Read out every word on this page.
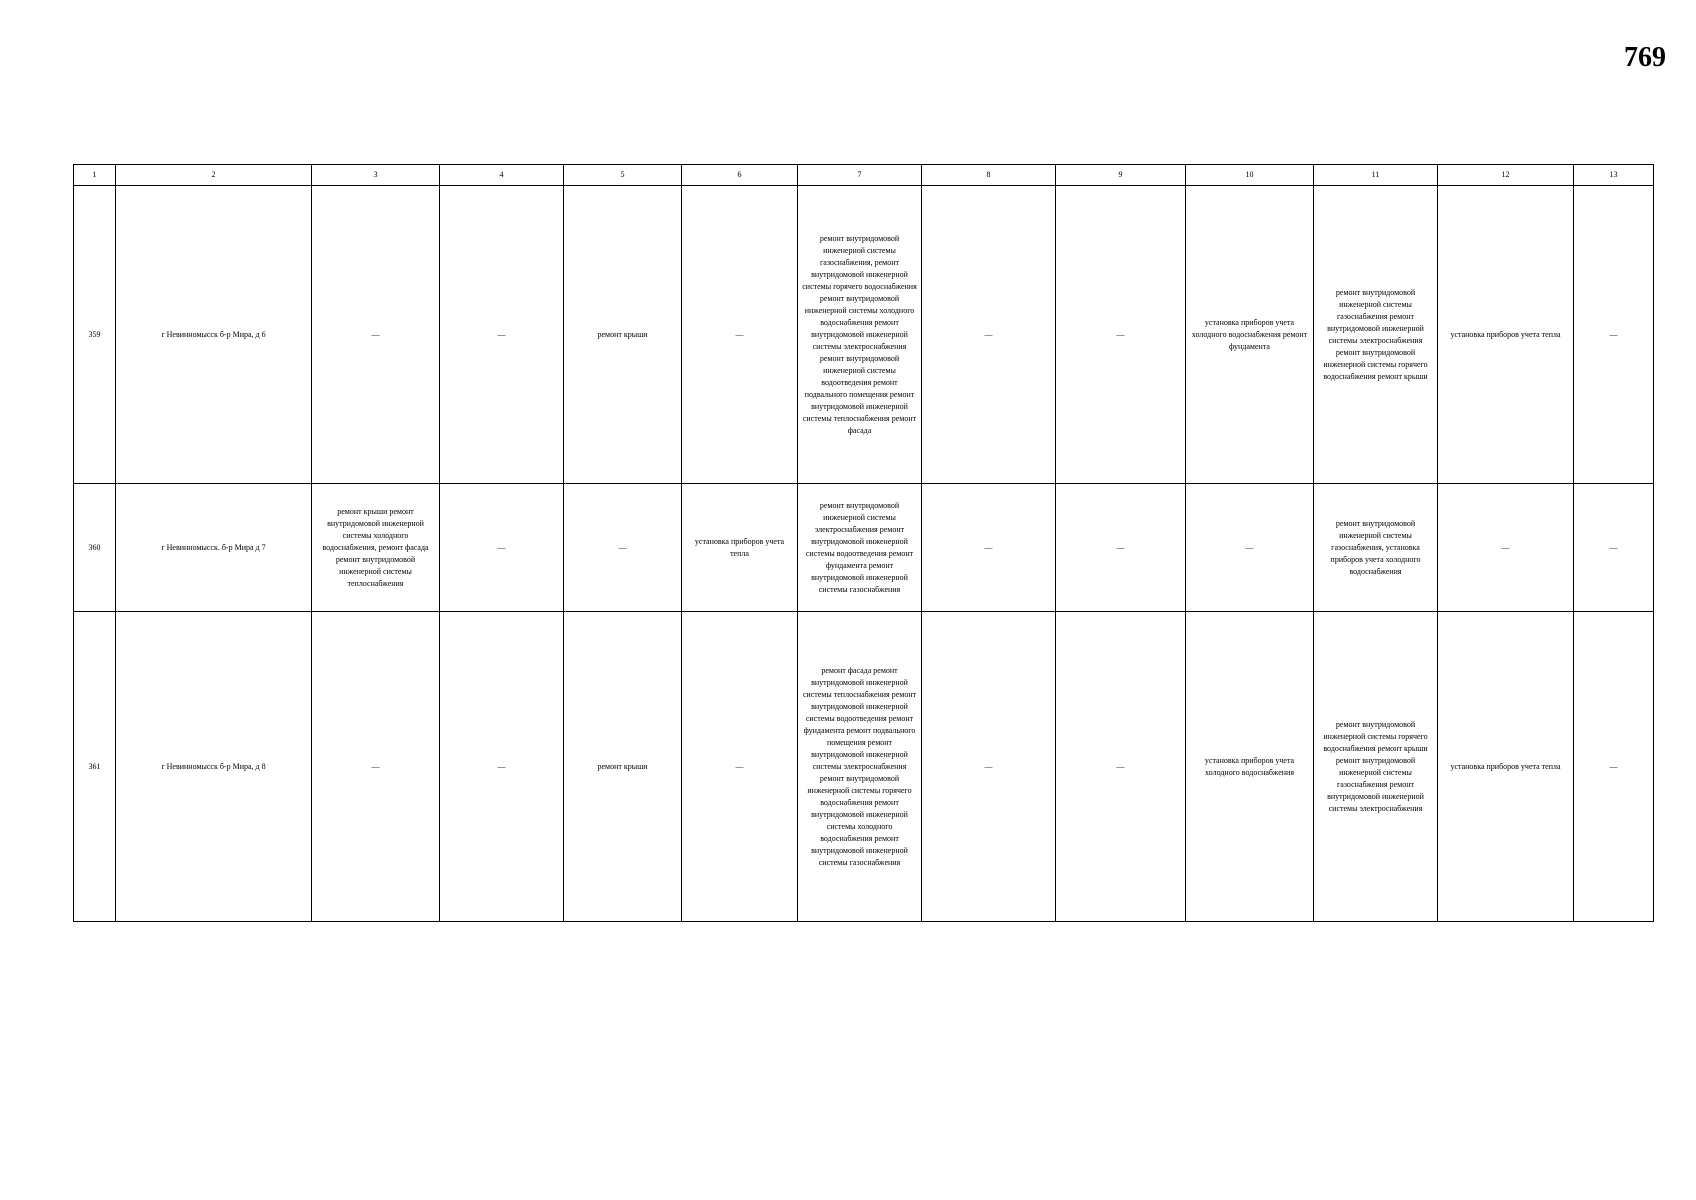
769
1	2	3	4	5	6	7	8	9	10	11	12	13
359	г Невинномысск б-р Мира, д 6	—	—	ремонт крыши	—	ремонт внутридомовой инженерной системы газоснабжения, ремонт внутридомовой инженерной системы горячего водоснабжения ремонт внутридомовой инженерной системы холодного водоснабжения ремонт внутридомовой инженерной системы электроснабжения ремонт внутридомовой инженерной системы водоотведения ремонт подвального помещения ремонт внутридомовой инженерной системы теплоснабжения ремонт фасада	—	—	установка приборов учета холодного водоснабжения ремонт фундамента	ремонт внутридомовой инженерной системы газоснабжения ремонт внутридомовой инженерной системы электроснабжения ремонт внутридомовой инженерной системы горячего водоснабжения ремонт крыши	установка приборов учета тепла	—
360	г Невинномысск. б-р Мира д 7	ремонт крыши ремонт внутридомовой инженерной системы холодного водоснабжения, ремонт фасада ремонт внутридомовой инженерной системы теплоснабжения	—	—	установка приборов учета тепла	ремонт внутридомовой инженерной системы электроснабжения ремонт внутридомовой инженерной системы водоотведения ремонт фундамента ремонт внутридомовой инженерной системы газоснабжения	—	—	—	ремонт внутридомовой инженерной системы газоснабжения, установка приборов учета холодного водоснабжения	—	—
361	г Невинномысск б-р Мира, д 8	—	—	ремонт крыши	—	ремонт фасада ремонт внутридомовой инженерной системы теплоснабжения ремонт внутридомовой инженерной системы водоотведения ремонт фундамента ремонт подвального помещения ремонт внутридомовой инженерной системы электроснабжения ремонт внутридомовой инженерной системы горячего водоснабжения ремонт внутридомовой инженерной системы холодного водоснабжения ремонт внутридомовой инженерной системы газоснабжения	—	—	установка приборов учета холодного водоснабжения	ремонт внутридомовой инженерной системы горячего водоснабжения ремонт крыши ремонт внутридомовой инженерной системы газоснабжения ремонт внутридомовой инженерной системы электроснабжения	установка приборов учета тепла	—
